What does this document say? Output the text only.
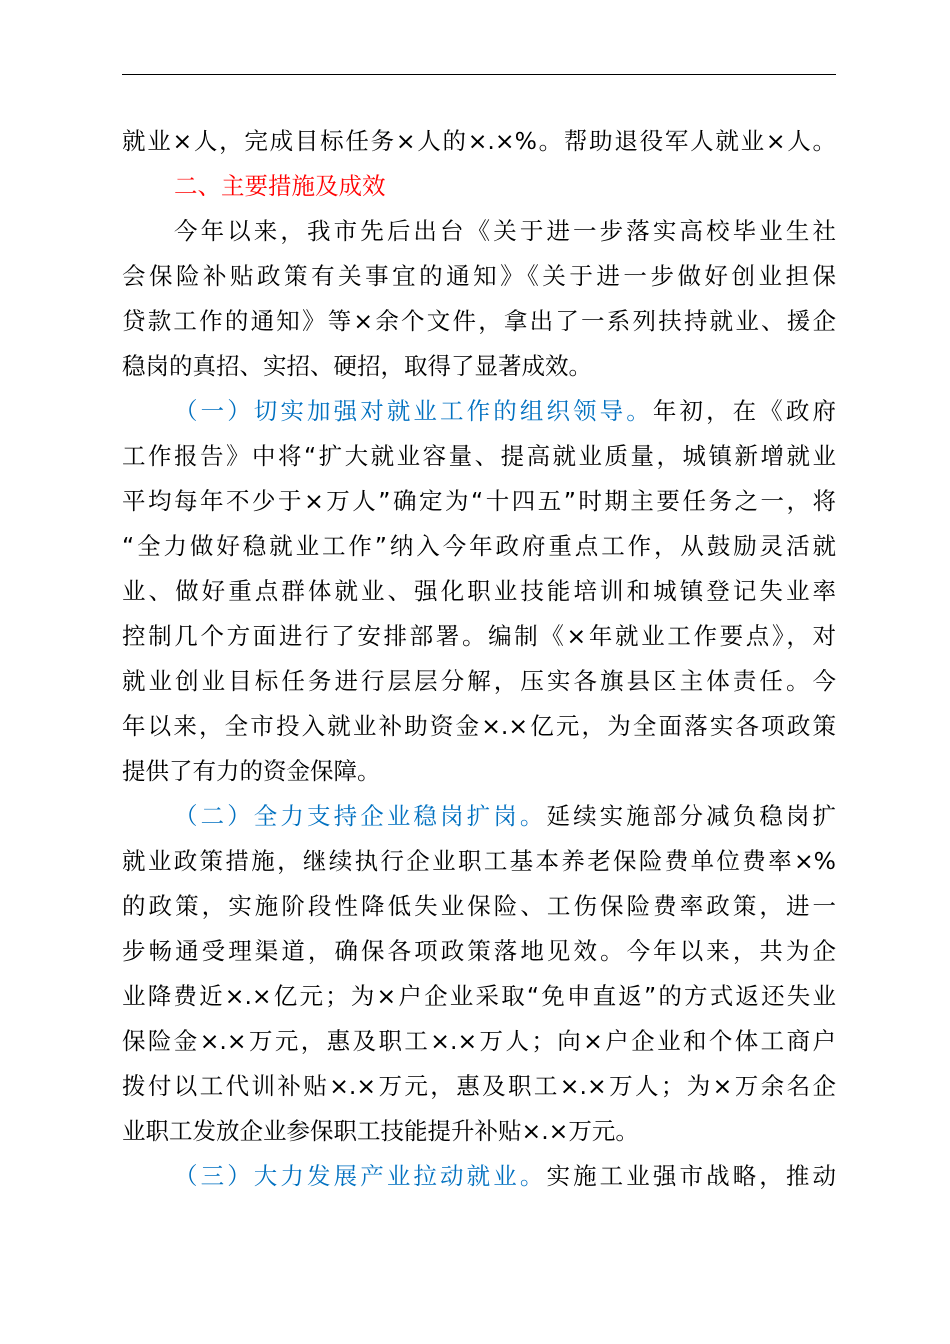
就业×人，完成目标任务×人的×.×%。帮助退役军人就业×人。
二、主要措施及成效
今年以来，我市先后出台《关于进一步落实高校毕业生社
会保险补贴政策有关事宜的通知》《关于进一步做好创业担保
贷款工作的通知》等×余个文件，拿出了一系列扶持就业、援企
稳岗的真招、实招、硬招，取得了显著成效。
（一）切实加强对就业工作的组织领导。年初，在《政府
工作报告》中将“扩大就业容量、提高就业质量，城镇新增就业
平均每年不少于×万人”确定为“十四五”时期主要任务之一，将
“全力做好稳就业工作”纳入今年政府重点工作，从鼓励灵活就
业、做好重点群体就业、强化职业技能培训和城镇登记失业率
控制几个方面进行了安排部署。编制《×年就业工作要点》，对
就业创业目标任务进行层层分解，压实各旗县区主体责任。今
年以来，全市投入就业补助资金×.×亿元，为全面落实各项政策
提供了有力的资金保障。
（二）全力支持企业稳岗扩岗。延续实施部分减负稳岗扩
就业政策措施，继续执行企业职工基本养老保险费单位费率×%
的政策，实施阶段性降低失业保险、工伤保险费率政策，进一
步畅通受理渠道，确保各项政策落地见效。今年以来，共为企
业降费近×.×亿元；为×户企业采取“免申直返”的方式返还失业
保险金×.×万元，惠及职工×.×万人；向×户企业和个体工商户
拨付以工代训补贴×.×万元，惠及职工×.×万人；为×万余名企
业职工发放企业参保职工技能提升补贴×.×万元。
（三）大力发展产业拉动就业。实施工业强市战略，推动
